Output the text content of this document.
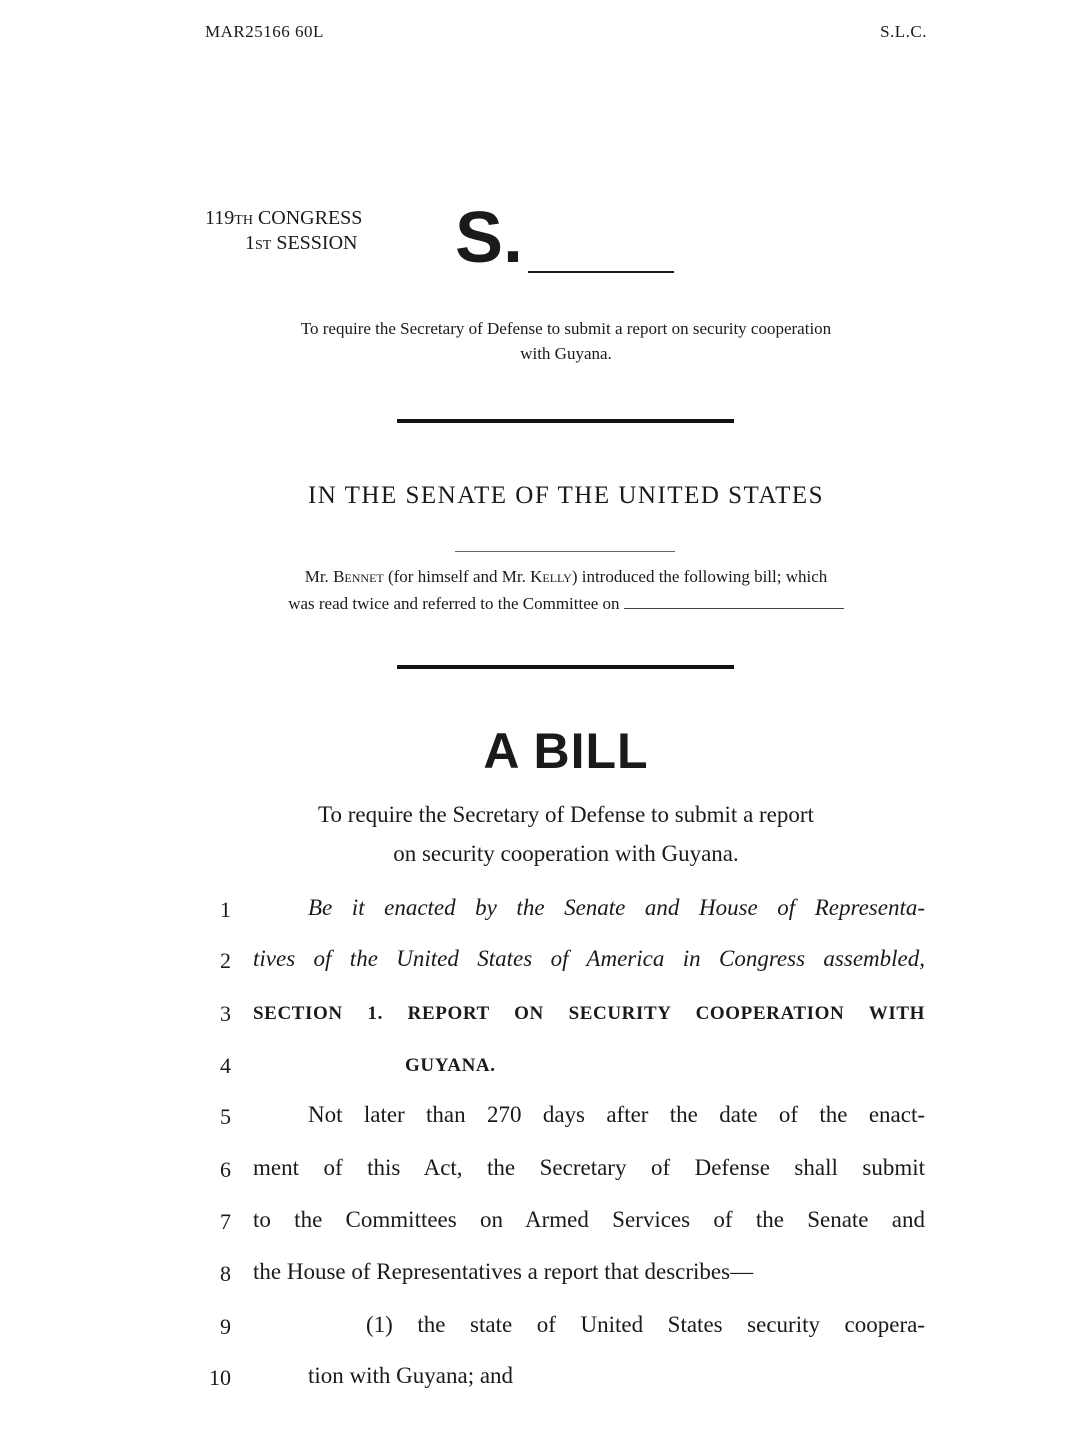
MAR25166 60L	S.L.C.
119TH CONGRESS
1ST SESSION S.
To require the Secretary of Defense to submit a report on security cooperation
with Guyana.
IN THE SENATE OF THE UNITED STATES
Mr. Bennet (for himself and Mr. Kelly) introduced the following bill; which
was read twice and referred to the Committee on
A BILL
To require the Secretary of Defense to submit a report
on security cooperation with Guyana.
1	Be it enacted by the Senate and House of Representa-
2 tives of the United States of America in Congress assembled,
3 SECTION 1. REPORT ON SECURITY COOPERATION WITH
4	GUYANA.
5	Not later than 270 days after the date of the enact-
6 ment of this Act, the Secretary of Defense shall submit
7 to the Committees on Armed Services of the Senate and
8 the House of Representatives a report that describes—
9	(1) the state of United States security coopera-
10	tion with Guyana; and
